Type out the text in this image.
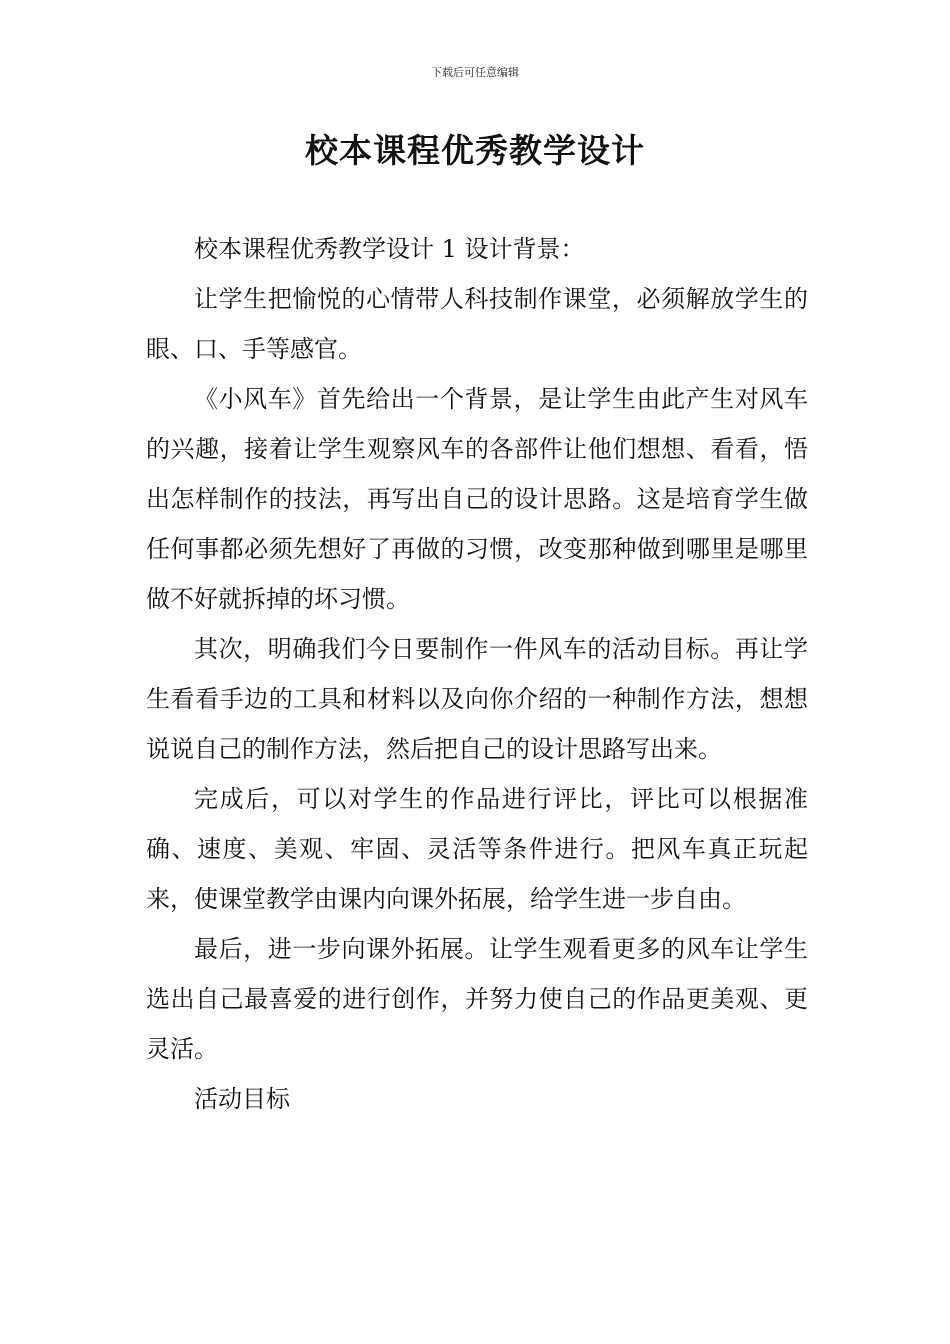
下载后可任意编辑
校本课程优秀教学设计

校本课程优秀教学设计 1 设计背景：

让学生把愉悦的心情带人科技制作课堂，必须解放学生的眼、口、手等感官。

《小风车》首先给出一个背景，是让学生由此产生对风车的兴趣，接着让学生观察风车的各部件让他们想想、看看，悟出怎样制作的技法，再写出自己的设计思路。这是培育学生做任何事都必须先想好了再做的习惯，改变那种做到哪里是哪里做不好就拆掉的坏习惯。

其次，明确我们今日要制作一件风车的活动目标。再让学生看看手边的工具和材料以及向你介绍的一种制作方法，想想说说自己的制作方法，然后把自己的设计思路写出来。

完成后，可以对学生的作品进行评比，评比可以根据准确、速度、美观、牢固、灵活等条件进行。把风车真正玩起来，使课堂教学由课内向课外拓展，给学生进一步自由。

最后，进一步向课外拓展。让学生观看更多的风车让学生选出自己最喜爱的进行创作，并努力使自己的作品更美观、更灵活。

活动目标
